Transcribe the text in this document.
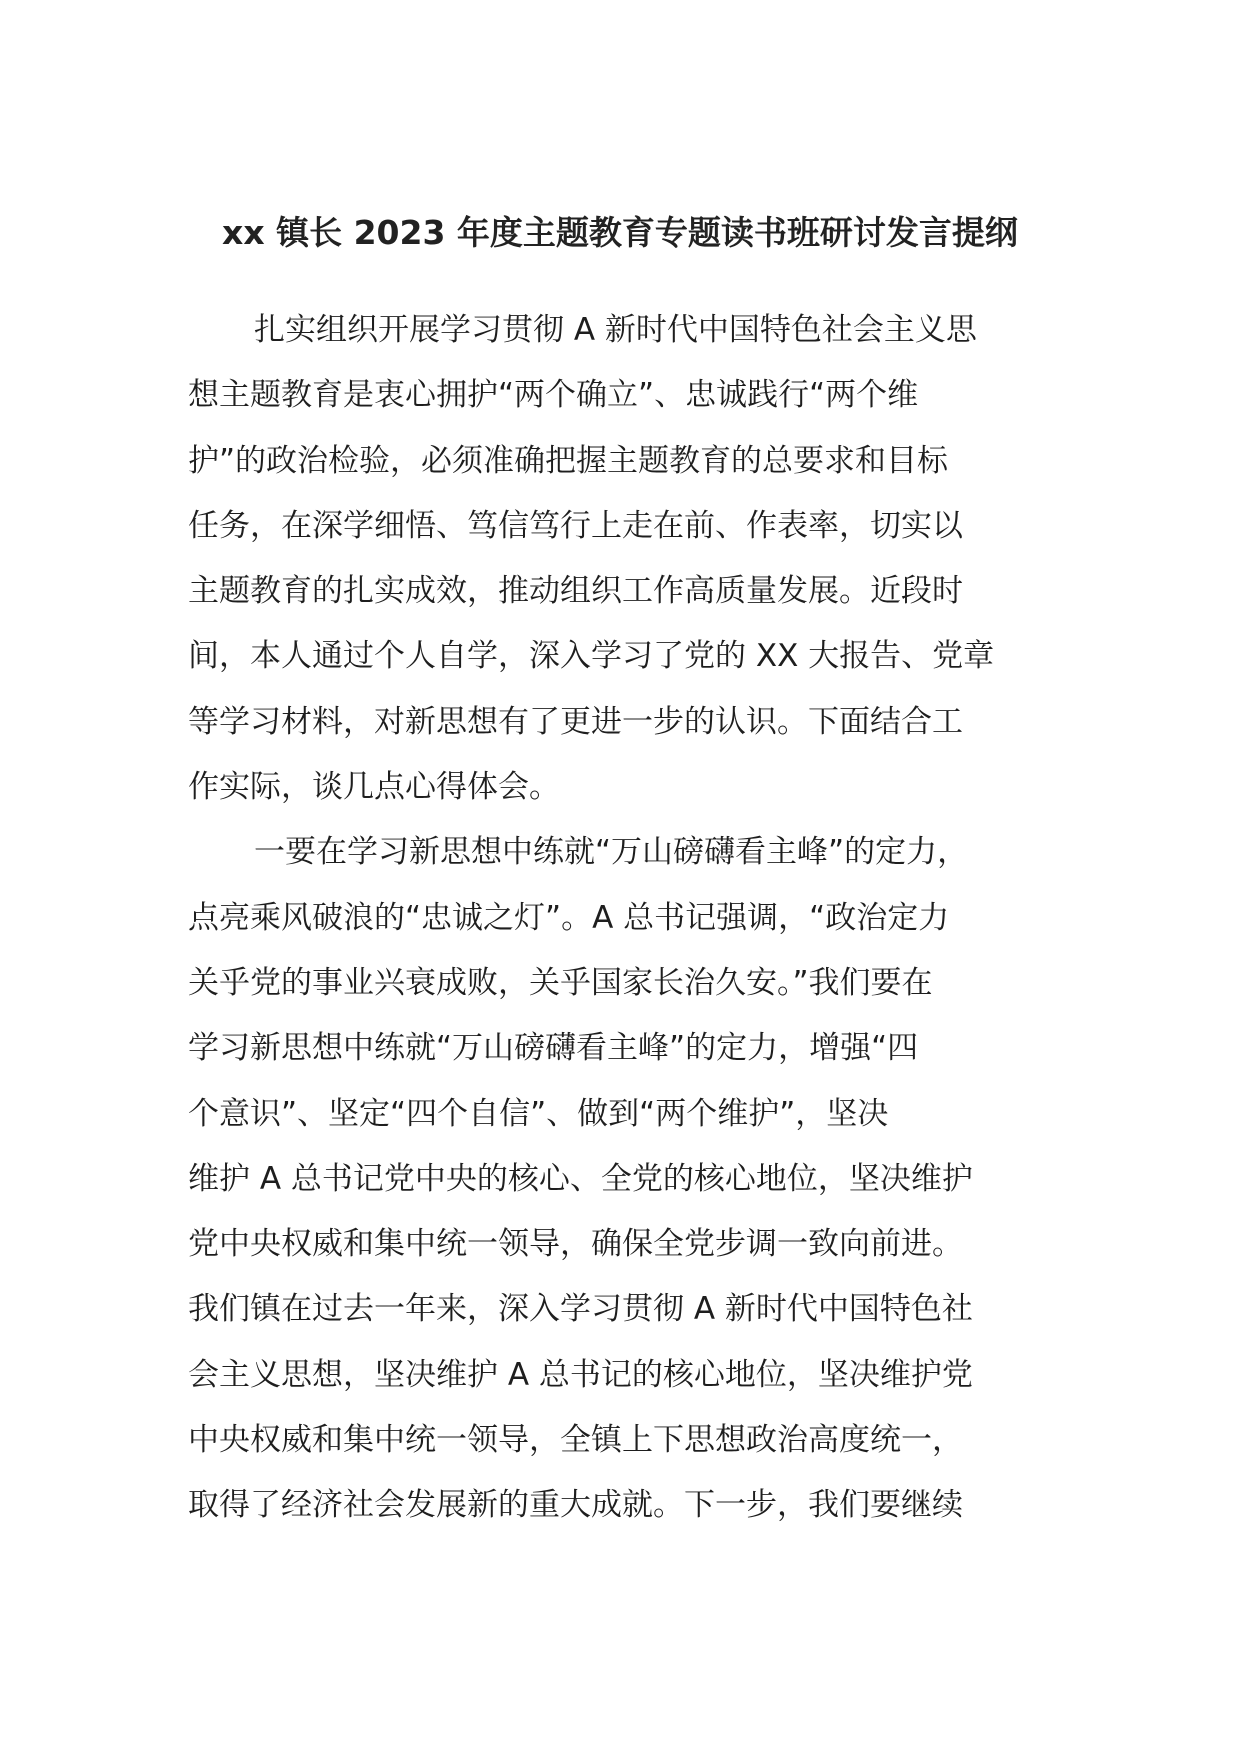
xx 镇长 2023 年度主题教育专题读书班研讨发言提纲
扎实组织开展学习贯彻 A 新时代中国特色社会主义思
想主题教育是衷心拥护“两个确立”、忠诚践行“两个维
护”的政治检验，必须准确把握主题教育的总要求和目标
任务，在深学细悟、笃信笃行上走在前、作表率，切实以
主题教育的扎实成效，推动组织工作高质量发展。近段时
间，本人通过个人自学，深入学习了党的 XX 大报告、党章
等学习材料，对新思想有了更进一步的认识。下面结合工
作实际，谈几点心得体会。
一要在学习新思想中练就“万山磅礴看主峰”的定力，
点亮乘风破浪的“忠诚之灯”。A 总书记强调，“政治定力
关乎党的事业兴衰成败，关乎国家长治久安。”我们要在
学习新思想中练就“万山磅礴看主峰”的定力，增强“四
个意识”、坚定“四个自信”、做到“两个维护”，坚决
维护 A 总书记党中央的核心、全党的核心地位，坚决维护
党中央权威和集中统一领导，确保全党步调一致向前进。
我们镇在过去一年来，深入学习贯彻 A 新时代中国特色社
会主义思想，坚决维护 A 总书记的核心地位，坚决维护党
中央权威和集中统一领导，全镇上下思想政治高度统一，
取得了经济社会发展新的重大成就。下一步，我们要继续
